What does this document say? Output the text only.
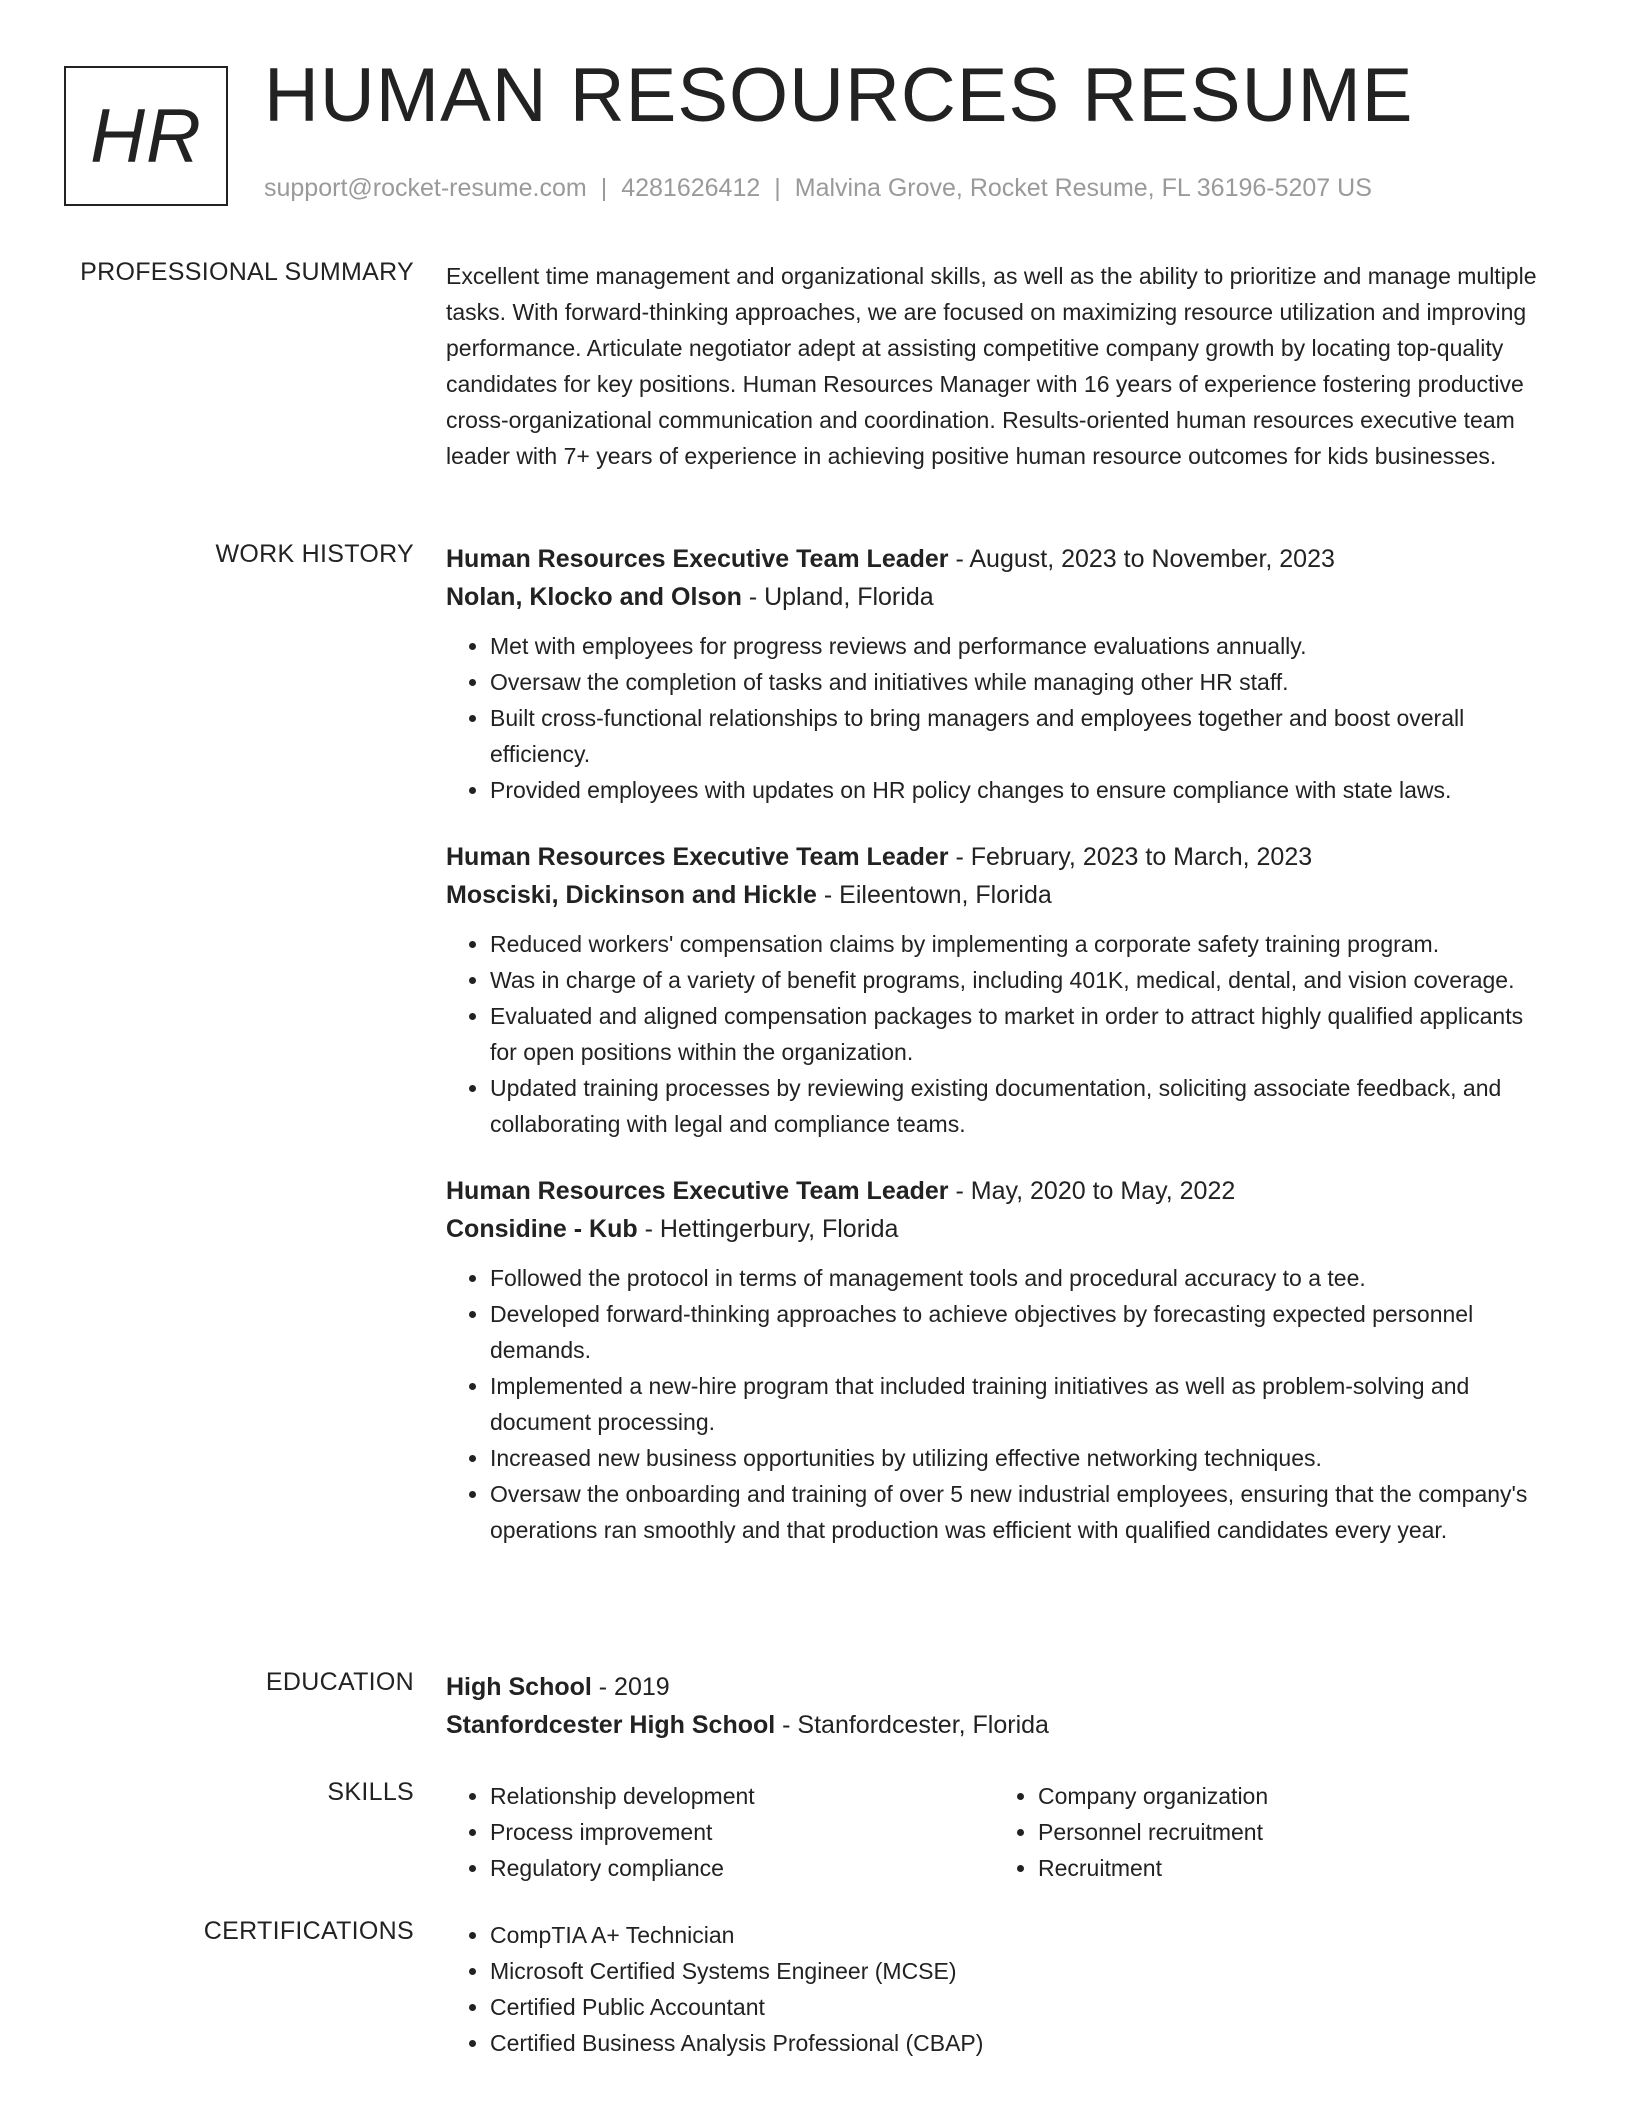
HR HUMAN RESOURCES RESUME
support@rocket-resume.com | 4281626412 | Malvina Grove, Rocket Resume, FL 36196-5207 US
PROFESSIONAL SUMMARY Excellent time management and organizational skills, as well as the ability to prioritize and manage multiple tasks. With forward-thinking approaches, we are focused on maximizing resource utilization and improving performance. Articulate negotiator adept at assisting competitive company growth by locating top-quality candidates for key positions. Human Resources Manager with 16 years of experience fostering productive cross-organizational communication and coordination. Results-oriented human resources executive team leader with 7+ years of experience in achieving positive human resource outcomes for kids businesses.

WORK HISTORY Human Resources Executive Team Leader - August, 2023 to November, 2023
Nolan, Klocko and Olson - Upland, Florida
• Met with employees for progress reviews and performance evaluations annually.
• Oversaw the completion of tasks and initiatives while managing other HR staff.
• Built cross-functional relationships to bring managers and employees together and boost overall efficiency.
• Provided employees with updates on HR policy changes to ensure compliance with state laws.
Human Resources Executive Team Leader - February, 2023 to March, 2023
Mosciski, Dickinson and Hickle - Eileentown, Florida
• Reduced workers' compensation claims by implementing a corporate safety training program.
• Was in charge of a variety of benefit programs, including 401K, medical, dental, and vision coverage.
• Evaluated and aligned compensation packages to market in order to attract highly qualified applicants for open positions within the organization.
• Updated training processes by reviewing existing documentation, soliciting associate feedback, and collaborating with legal and compliance teams.
Human Resources Executive Team Leader - May, 2020 to May, 2022
Considine - Kub - Hettingerbury, Florida
• Followed the protocol in terms of management tools and procedural accuracy to a tee.
• Developed forward-thinking approaches to achieve objectives by forecasting expected personnel demands.
• Implemented a new-hire program that included training initiatives as well as problem-solving and document processing.
• Increased new business opportunities by utilizing effective networking techniques.
• Oversaw the onboarding and training of over 5 new industrial employees, ensuring that the company's operations ran smoothly and that production was efficient with qualified candidates every year.
EDUCATION High School - 2019
Stanfordcester High School - Stanfordcester, Florida
SKILLS	• Relationship development
• Process improvement
• Regulatory compliance
• Company organization
• Personnel recruitment
• Recruitment
CERTIFICATIONS	• CompTIA A+ Technician
• Microsoft Certified Systems Engineer (MCSE)
• Certified Public Accountant
• Certified Business Analysis Professional (CBAP)
